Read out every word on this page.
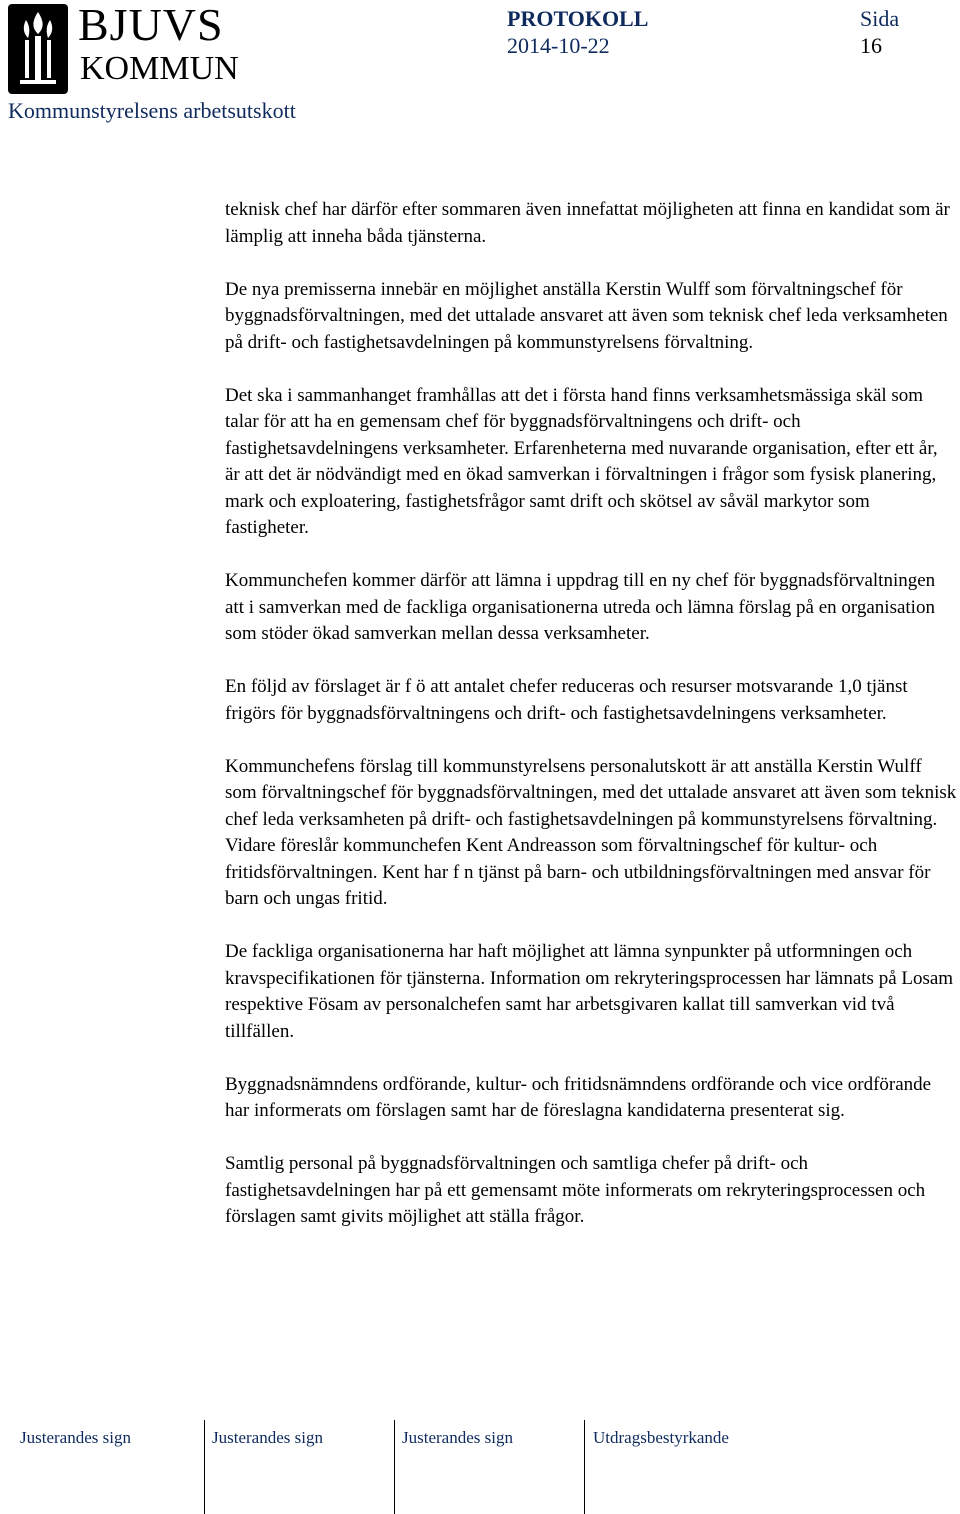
BJUVS
KOMMUN
PROTOKOLL
2014-10-22
Sida
16
Kommunstyrelsens arbetsutskott

teknisk chef har därför efter sommaren även innefattat möjligheten att finna en kandidat som är lämplig att inneha båda tjänsterna.

De nya premisserna innebär en möjlighet anställa Kerstin Wulff som förvaltningschef för byggnadsförvaltningen, med det uttalade ansvaret att även som teknisk chef leda verksamheten på drift- och fastighetsavdelningen på kommunstyrelsens förvaltning.

Det ska i sammanhanget framhållas att det i första hand finns verksamhetsmässiga skäl som talar för att ha en gemensam chef för byggnadsförvaltningens och drift- och fastighetsavdelningens verksamheter. Erfarenheterna med nuvarande organisation, efter ett år, är att det är nödvändigt med en ökad samverkan i förvaltningen i frågor som fysisk planering, mark och exploatering, fastighetsfrågor samt drift och skötsel av såväl markytor som fastigheter.

Kommunchefen kommer därför att lämna i uppdrag till en ny chef för byggnadsförvaltningen att i samverkan med de fackliga organisationerna utreda och lämna förslag på en organisation som stöder ökad samverkan mellan dessa verksamheter.

En följd av förslaget är f ö att antalet chefer reduceras och resurser motsvarande 1,0 tjänst frigörs för byggnadsförvaltningens och drift- och fastighetsavdelningens verksamheter.

Kommunchefens förslag till kommunstyrelsens personalutskott är att anställa Kerstin Wulff som förvaltningschef för byggnadsförvaltningen, med det uttalade ansvaret att även som teknisk chef leda verksamheten på drift- och fastighetsavdelningen på kommunstyrelsens förvaltning. Vidare föreslår kommunchefen Kent Andreasson som förvaltningschef för kultur- och fritidsförvaltningen. Kent har f n tjänst på barn- och utbildningsförvaltningen med ansvar för barn och ungas fritid.

De fackliga organisationerna har haft möjlighet att lämna synpunkter på utformningen och kravspecifikationen för tjänsterna. Information om rekryteringsprocessen har lämnats på Losam respektive Fösam av personalchefen samt har arbetsgivaren kallat till samverkan vid två tillfällen.

Byggnadsnämndens ordförande, kultur- och fritidsnämndens ordförande och vice ordförande har informerats om förslagen samt har de föreslagna kandidaterna presenterat sig.

Samtlig personal på byggnadsförvaltningen och samtliga chefer på drift- och fastighetsavdelningen har på ett gemensamt möte informerats om rekryteringsprocessen och förslagen samt givits möjlighet att ställa frågor.

Justerandes sign	Justerandes sign	Justerandes sign	Utdragsbestyrkande
